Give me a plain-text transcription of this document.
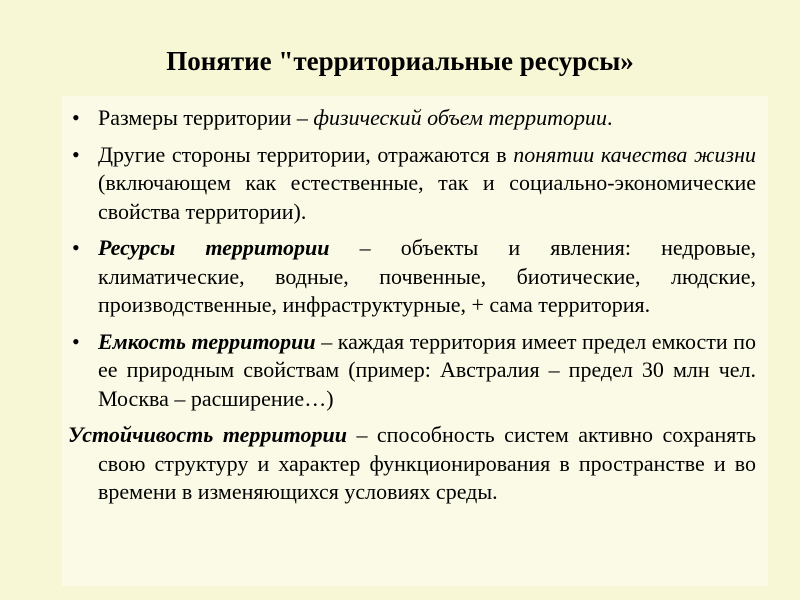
Понятие "территориальные ресурсы»
• Размеры территории – физический объем территории.
• Другие стороны территории, отражаются в понятии качества жизни (включающем как естественные, так и социально-экономические свойства территории).
• Ресурсы территории – объекты и явления: недровые, климатические, водные, почвенные, биотические, людские, производственные, инфраструктурные, + сама территория.
• Емкость территории – каждая территория имеет предел емкости по ее природным свойствам (пример: Австралия – предел 30 млн чел. Москва – расширение…)

Устойчивость территории – способность систем активно сохранять свою структуру и характер функционирования в пространстве и во времени в изменяющихся условиях среды.
